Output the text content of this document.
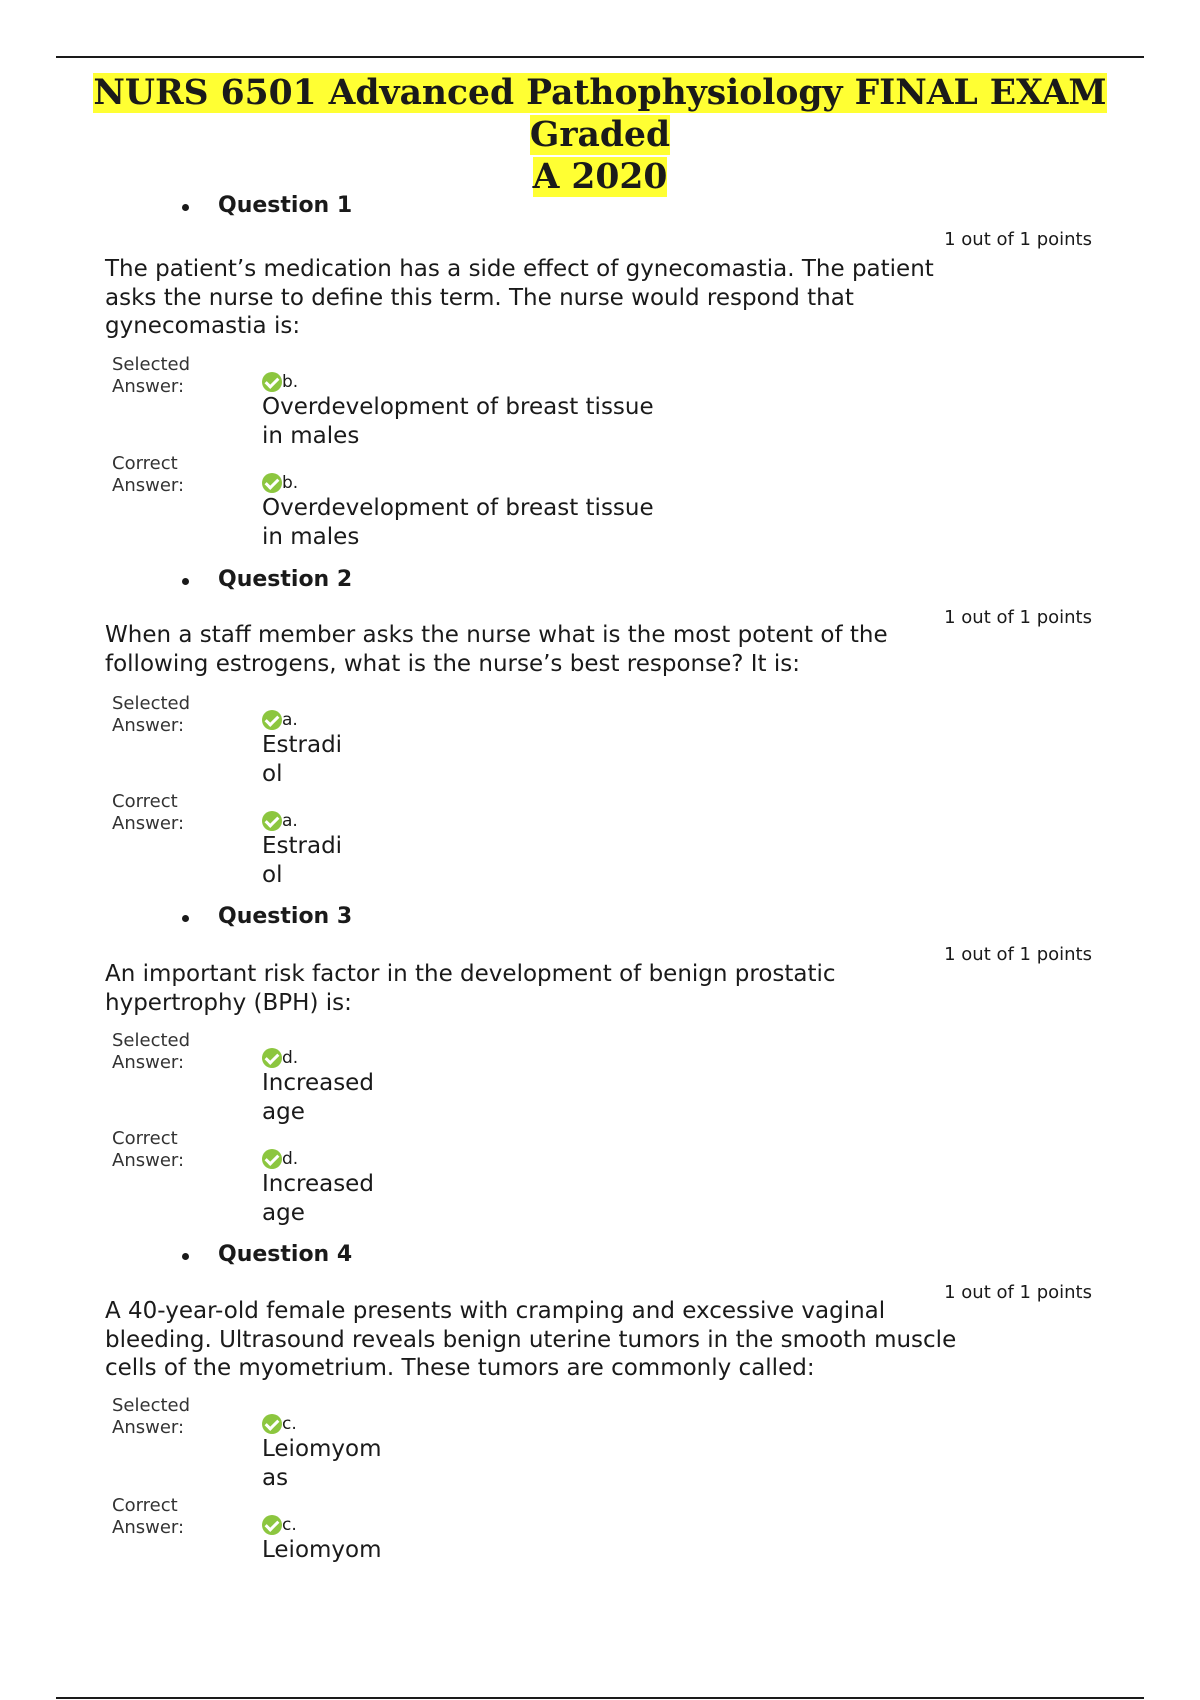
NURS 6501 Advanced Pathophysiology FINAL EXAM Graded
A 2020
Question 1
1 out of 1 points
The patient’s medication has a side effect of gynecomastia. The patient
asks the nurse to define this term. The nurse would respond that
gynecomastia is:
Selected
Answer:	b.
Overdevelopment of breast tissue
in males
Correct
Answer:	b.
Overdevelopment of breast tissue
in males
Question 2
1 out of 1 points
When a staff member asks the nurse what is the most potent of the
following estrogens, what is the nurse’s best response? It is:
Selected
Answer:	a.
Estradi
ol
Correct
Answer:	a.
Estradi
ol
Question 3
1 out of 1 points
An important risk factor in the development of benign prostatic
hypertrophy (BPH) is:
Selected
Answer:	d.
Increased
age
Correct
Answer:	d.
Increased
age
Question 4
1 out of 1 points
A 40-year-old female presents with cramping and excessive vaginal
bleeding. Ultrasound reveals benign uterine tumors in the smooth muscle
cells of the myometrium. These tumors are commonly called:
Selected
Answer:	c.
Leiomyom
as
Correct
Answer:	c.
Leiomyom
